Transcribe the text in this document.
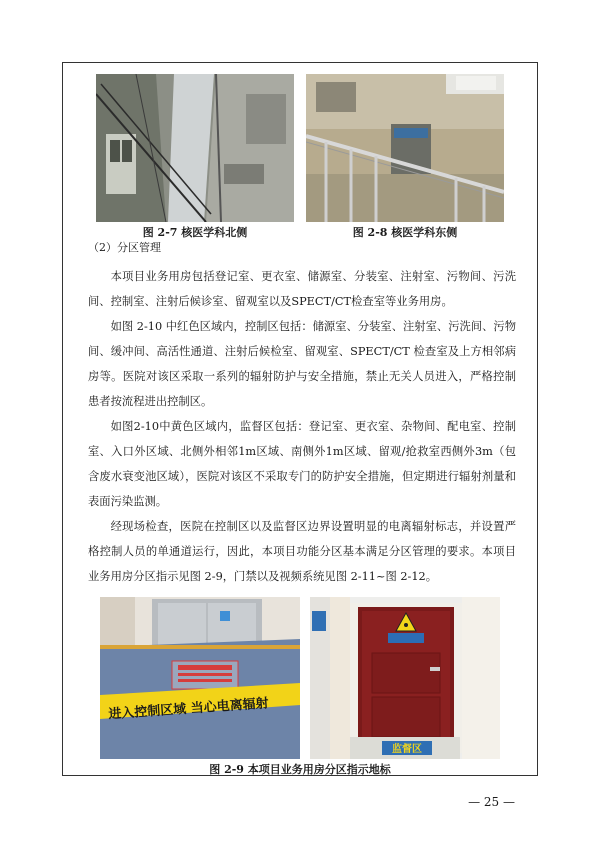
图 2-7 核医学科北侧	图 2-8 核医学科东侧
（2）分区管理

本项目业务用房包括登记室、更衣室、储源室、分装室、注射室、污物间、污洗间、控制室、注射后候诊室、留观室以及SPECT/CT检查室等业务用房。

如图 2-10 中红色区域内，控制区包括：储源室、分装室、注射室、污洗间、污物间、缓冲间、高活性通道、注射后候检室、留观室、SPECT/CT 检查室及上方相邻病房等。医院对该区采取一系列的辐射防护与安全措施，禁止无关人员进入，严格控制患者按流程进出控制区。

如图2-10中黄色区域内，监督区包括：登记室、更衣室、杂物间、配电室、控制室、入口外区域、北侧外相邻1m区域、南侧外1m区域、留观/抢救室西侧外3m（包含废水衰变池区域），医院对该区不采取专门的防护安全措施，但定期进行辐射剂量和表面污染监测。

经现场检查，医院在控制区以及监督区边界设置明显的电离辐射标志，并设置严格控制人员的单通道运行，因此，本项目功能分区基本满足分区管理的要求。本项目业务用房分区指示见图 2-9，门禁以及视频系统见图 2-11~图 2-12。

进入控制区域 当心电离辐射
监督区
图 2-9 本项目业务用房分区指示地标
— 25 —
